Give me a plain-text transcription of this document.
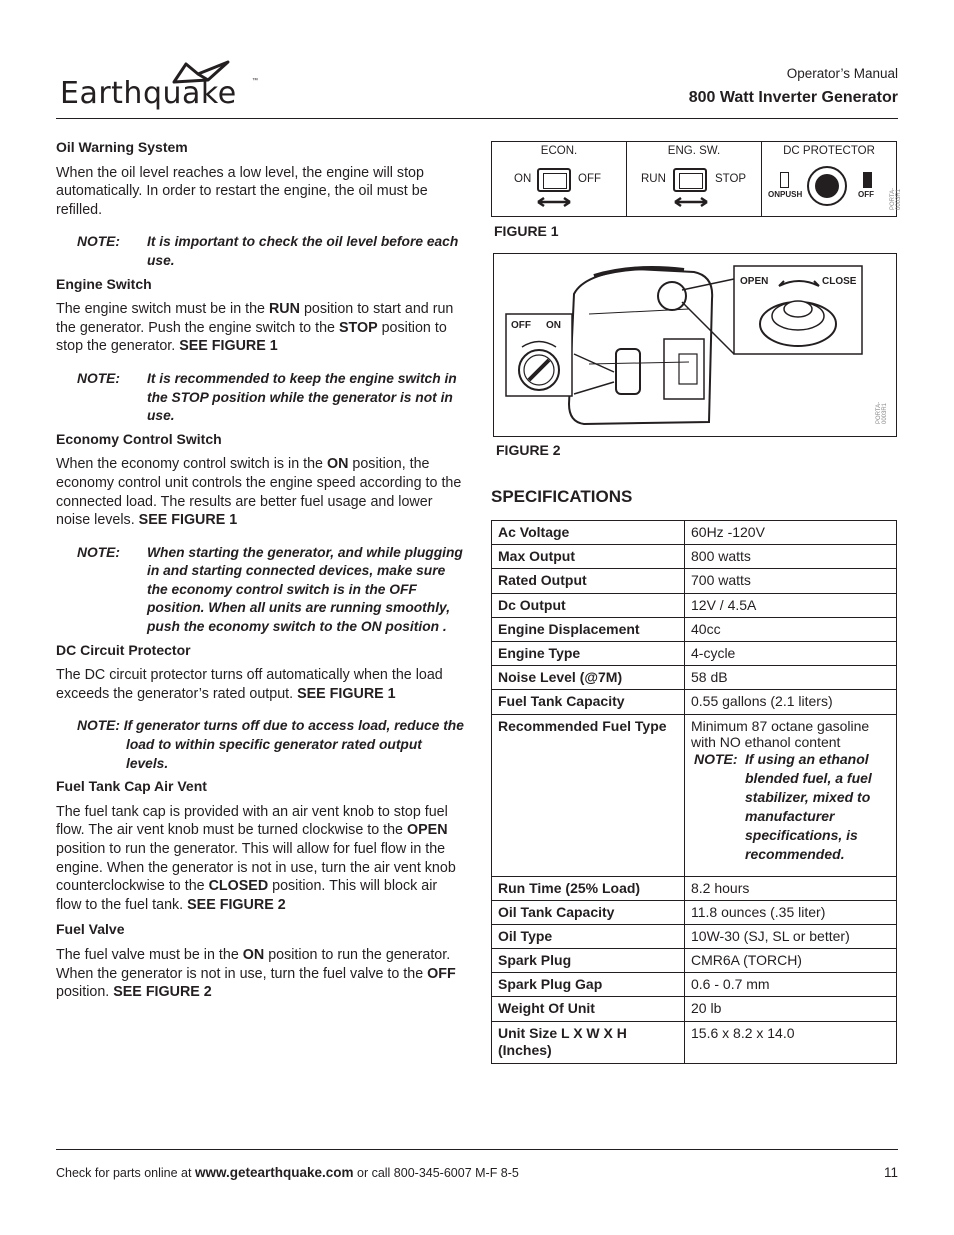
Earthquake	™	Operator’s Manual
800 Watt Inverter Generator
Oil Warning System

When the oil level reaches a low level, the engine will stop automatically. In order to restart the engine, the oil must be refilled.

NOTE: It is important to check the oil level before each use.
Engine Switch

The engine switch must be in the RUN position to start and run the generator. Push the engine switch to the STOP position to stop the generator. SEE FIGURE 1

NOTE: It is recommended to keep the engine switch in the STOP position while the generator is not in use.
Economy Control Switch

When the economy control switch is in the ON position, the economy control unit controls the engine speed according to the connected load. The results are better fuel usage and lower noise levels. SEE FIGURE 1

NOTE: When starting the generator, and while plugging in and starting connected devices, make sure the economy control switch is in the OFF position. When all units are running smoothly, push the economy switch to the ON position .
DC Circuit Protector

The DC circuit protector turns off automatically when the load exceeds the generator’s rated output. SEE FIGURE 1

NOTE: If generator turns off due to access load, reduce the load to within specific generator rated output levels.
Fuel Tank Cap Air Vent

The fuel tank cap is provided with an air vent knob to stop fuel flow. The air vent knob must be turned clockwise to the OPEN position to run the generator. This will allow for fuel flow in the engine. When the generator is not in use, turn the air vent knob counterclockwise to the CLOSED position. This will block air flow to the fuel tank. SEE FIGURE 2

Fuel Valve

The fuel valve must be in the ON position to run the generator. When the generator is not in use, turn the fuel valve to the OFF position. SEE FIGURE 2

ECON.
ON	OFF
ENG. SW.
RUN	STOP
DC PROTECTOR
ONPUSH	OFF	PORTA-0003R1
FIGURE 1
OPEN	CLOSE
OFF ON
PORTA-0003R1
FIGURE 2
SPECIFICATIONS
Ac Voltage	60Hz -120V
Max Output	800 watts
Rated Output	700 watts
Dc Output	12V / 4.5A
Engine Displacement	40cc
Engine Type	4-cycle
Noise Level (@7M)	58 dB
Fuel Tank Capacity	0.55 gallons (2.1 liters)
Recommended Fuel Type	Minimum 87 octane gasoline with NO ethanol content
NOTE: If using an ethanol blended fuel, a fuel stabilizer, mixed to manufacturer specifications, is recommended.

Run Time (25% Load)	8.2 hours
Oil Tank Capacity	11.8 ounces (.35 liter)
Oil Type	10W-30 (SJ, SL or better)
Spark Plug	CMR6A (TORCH)
Spark Plug Gap	0.6 - 0.7 mm
Weight Of Unit	20 lb
Unit Size L X W X H (Inches)	15.6 x 8.2 x 14.0
Check for parts online at www.getearthquake.com or call 800-345-6007 M-F 8-5	11
